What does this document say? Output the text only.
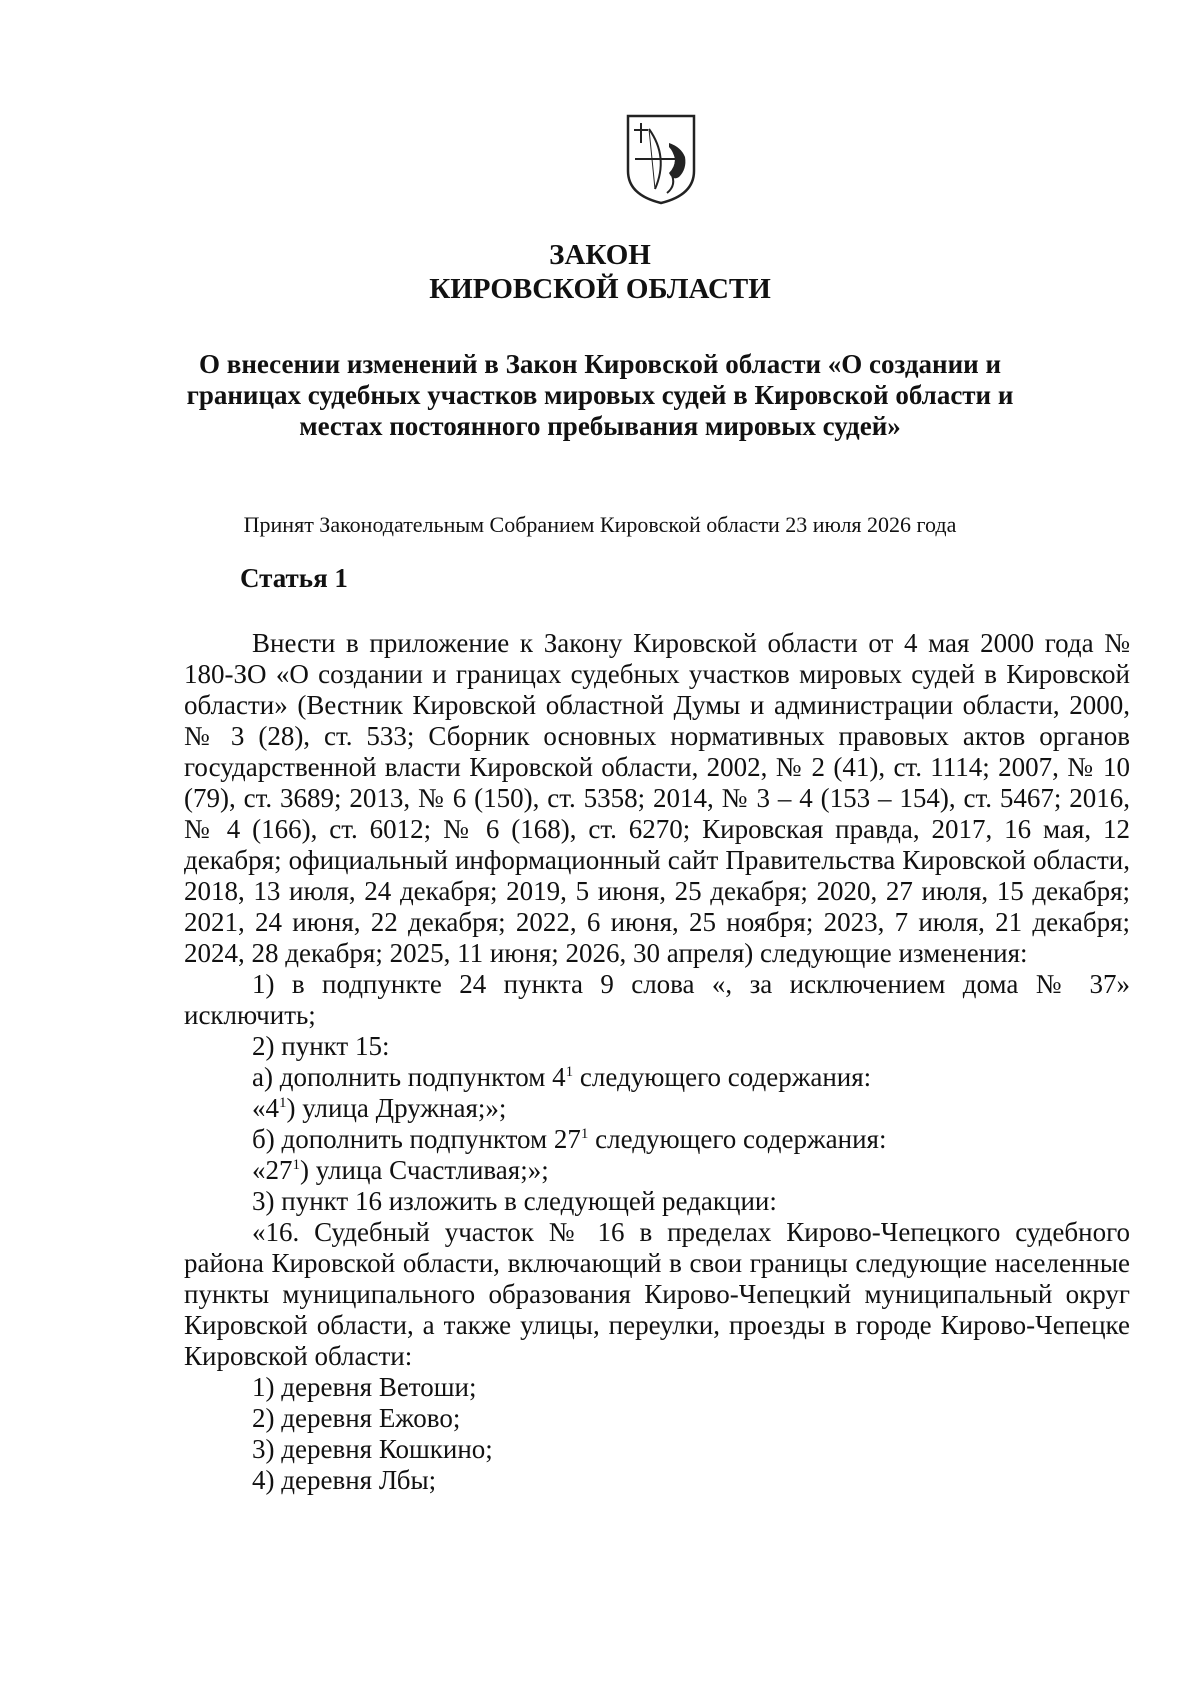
ЗАКОН
КИРОВСКОЙ ОБЛАСТИ

О внесении изменений в Закон Кировской области «О создании и границах судебных участков мировых судей в Кировской области и местах постоянного пребывания мировых судей»

Принят Законодательным Собранием Кировской области 23 июля 2026 года

Статья 1

Внести в приложение к Закону Кировской области от 4 мая 2000 года № 180-ЗО «О создании и границах судебных участков мировых судей в Кировской области» (Вестник Кировской областной Думы и администрации области, 2000, № 3 (28), ст. 533; Сборник основных нормативных правовых актов органов государственной власти Кировской области, 2002, № 2 (41), ст. 1114; 2007, № 10 (79), ст. 3689; 2013, № 6 (150), ст. 5358; 2014, № 3 – 4 (153 – 154), ст. 5467; 2016, № 4 (166), ст. 6012; № 6 (168), ст. 6270; Кировская правда, 2017, 16 мая, 12 декабря; официальный информационный сайт Правительства Кировской области, 2018, 13 июля, 24 декабря; 2019, 5 июня, 25 декабря; 2020, 27 июля, 15 декабря; 2021, 24 июня, 22 декабря; 2022, 6 июня, 25 ноября; 2023, 7 июля, 21 декабря; 2024, 28 декабря; 2025, 11 июня; 2026, 30 апреля) следующие изменения:

1) в подпункте 24 пункта 9 слова «, за исключением дома № 37» исключить;

2) пункт 15:

а) дополнить подпунктом $4^1$ следующего содержания:

«$4^1$) улица Дружная;»;

б) дополнить подпунктом $27^1$ следующего содержания:

«$27^1$) улица Счастливая;»;

3) пункт 16 изложить в следующей редакции:

«16. Судебный участок № 16 в пределах Кирово-Чепецкого судебного района Кировской области, включающий в свои границы следующие населенные пункты муниципального образования Кирово-Чепецкий муниципальный округ Кировской области, а также улицы, переулки, проезды в городе Кирово-Чепецке Кировской области:

1) деревня Ветоши;

2) деревня Ежово;

3) деревня Кошкино;

4) деревня Лбы;
